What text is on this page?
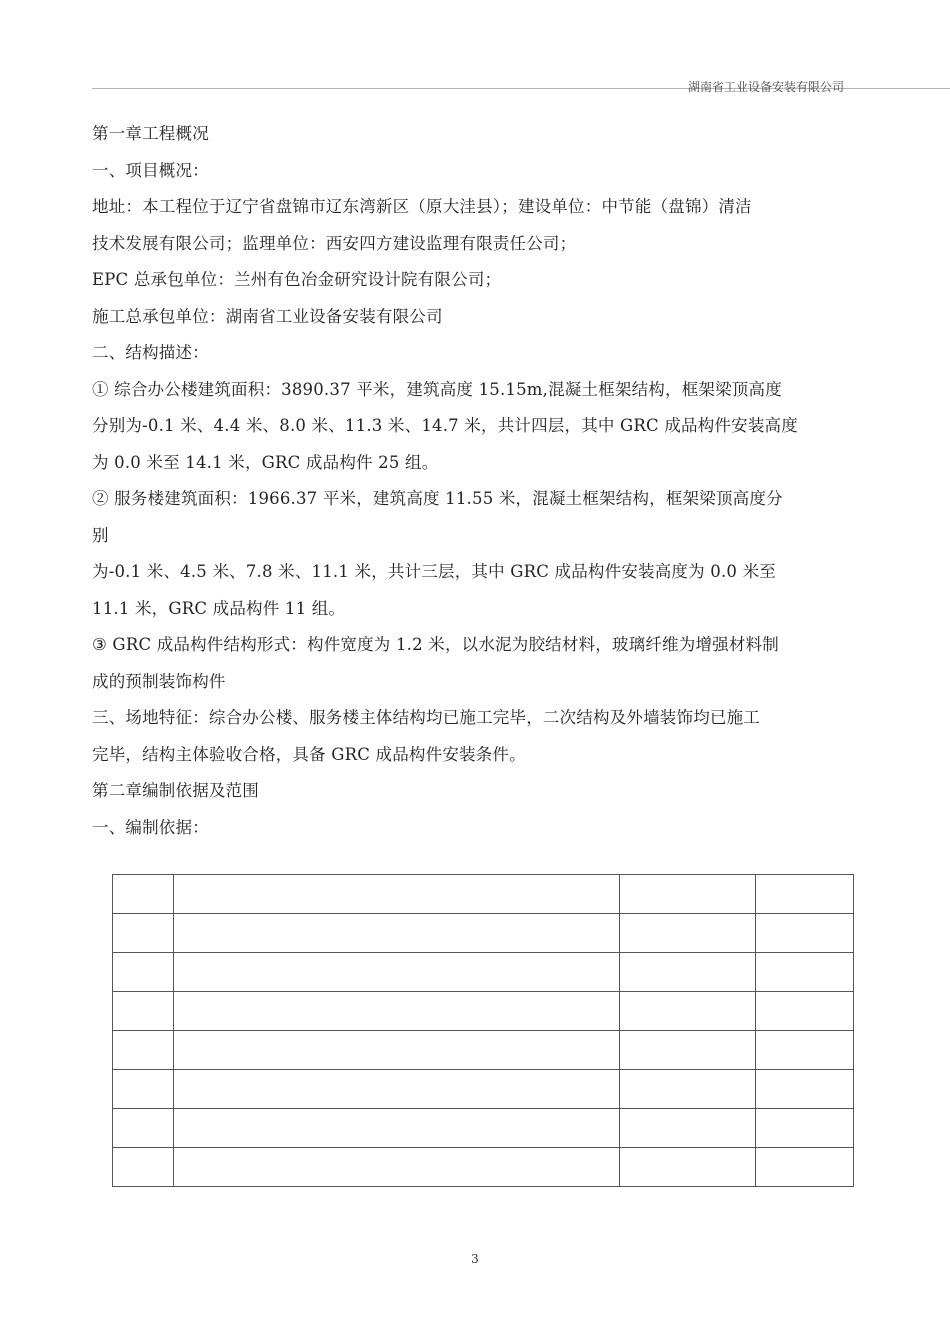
湖南省工业设备安装有限公司
第一章工程概况
一、项目概况：
地址：本工程位于辽宁省盘锦市辽东湾新区（原大洼县）；建设单位：中节能（盘锦）清洁
技术发展有限公司；监理单位：西安四方建设监理有限责任公司；
EPC 总承包单位：兰州有色冶金研究设计院有限公司；
施工总承包单位：湖南省工业设备安装有限公司
二、结构描述：
① 综合办公楼建筑面积：3890.37 平米，建筑高度 15.15m,混凝土框架结构，框架梁顶高度
分别为-0.1 米、4.4 米、8.0 米、11.3 米、14.7 米，共计四层，其中 GRC 成品构件安装高度
为 0.0 米至 14.1 米，GRC 成品构件 25 组。
② 服务楼建筑面积：1966.37 平米，建筑高度 11.55 米，混凝土框架结构，框架梁顶高度分
别
为-0.1 米、4.5 米、7.8 米、11.1 米，共计三层，其中 GRC 成品构件安装高度为 0.0 米至
11.1 米，GRC 成品构件 11 组。
③ GRC 成品构件结构形式：构件宽度为 1.2 米，以水泥为胶结材料，玻璃纤维为增强材料制
成的预制装饰构件
三、场地特征：综合办公楼、服务楼主体结构均已施工完毕，二次结构及外墙装饰均已施工
完毕，结构主体验收合格，具备 GRC 成品构件安装条件。
第二章编制依据及范围
一、编制依据：

3
